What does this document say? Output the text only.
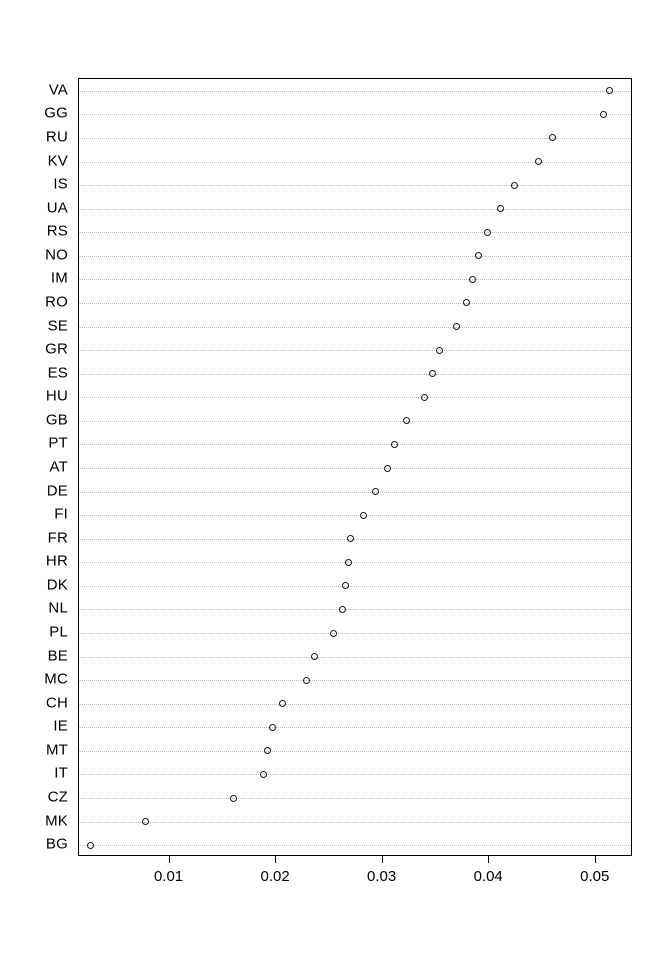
VA
GG
RU
KV
IS
UA
RS
NO
IM
RO
SE
GR
ES
HU
GB
PT
AT
DE
FI
FR
HR
DK
NL
PL
BE
MC
CH
IE
MT
IT
CZ
MK
BG
0.01	0.02	0.03	0.04	0.05
